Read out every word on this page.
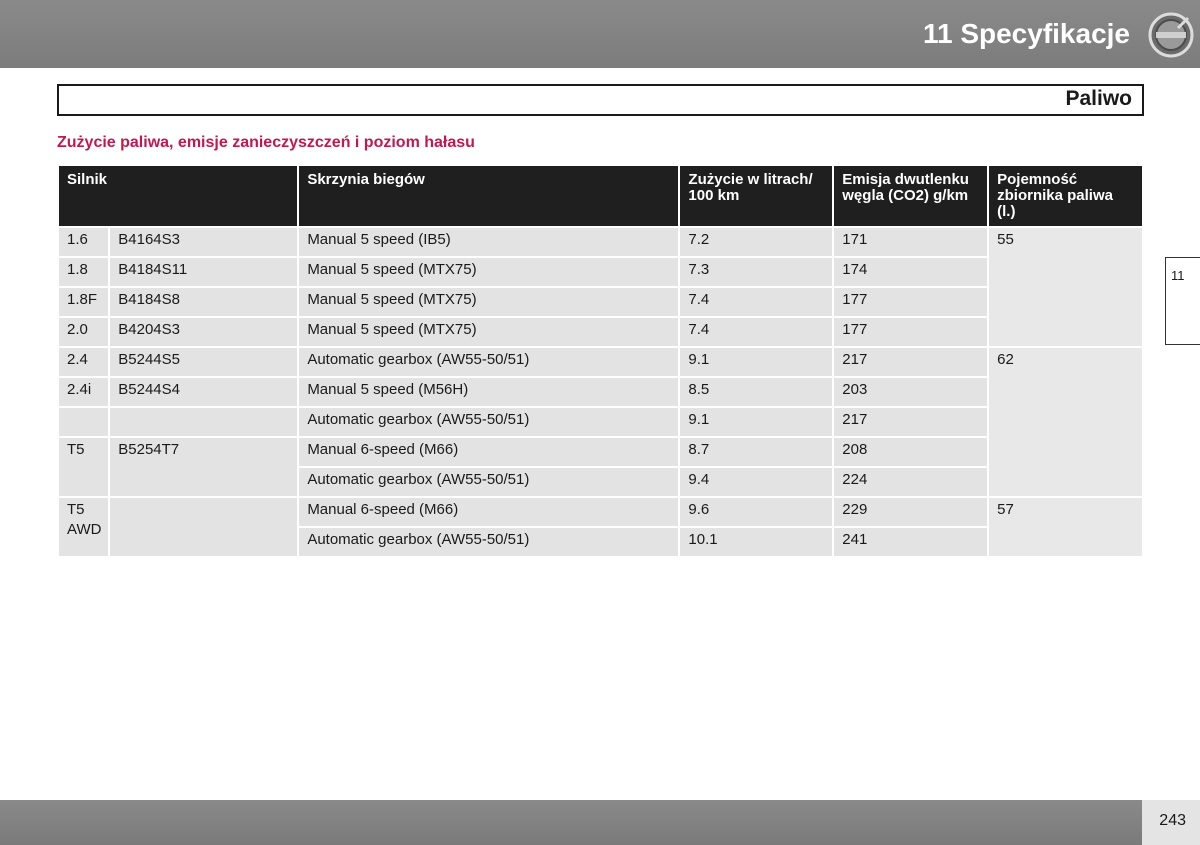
11 Specyfikacje
Paliwo
Zużycie paliwa, emisje zanieczyszczeń i poziom hałasu
Silnik		Skrzynia biegów	Zużycie w litrach/ 100 km	Emisja dwutlenku węgla (CO2) g/km	Pojemność zbiornika paliwa (l.)
1.6	B4164S3	Manual 5 speed (IB5)	7.2	171	55
1.8	B4184S11	Manual 5 speed (MTX75)	7.3	174	
1.8F	B4184S8	Manual 5 speed (MTX75)	7.4	177	
2.0	B4204S3	Manual 5 speed (MTX75)	7.4	177	
2.4	B5244S5	Automatic gearbox (AW55-50/51)	9.1	217	62
2.4i	B5244S4	Manual 5 speed (M56H)	8.5	203	
		Automatic gearbox (AW55-50/51)	9.1	217	
T5	B5254T7	Manual 6-speed (M66)	8.7	208	
		Automatic gearbox (AW55-50/51)	9.4	224	
T5 AWD		Manual 6-speed (M66)	9.6	229	57
		Automatic gearbox (AW55-50/51)	10.1	241	
11
243
